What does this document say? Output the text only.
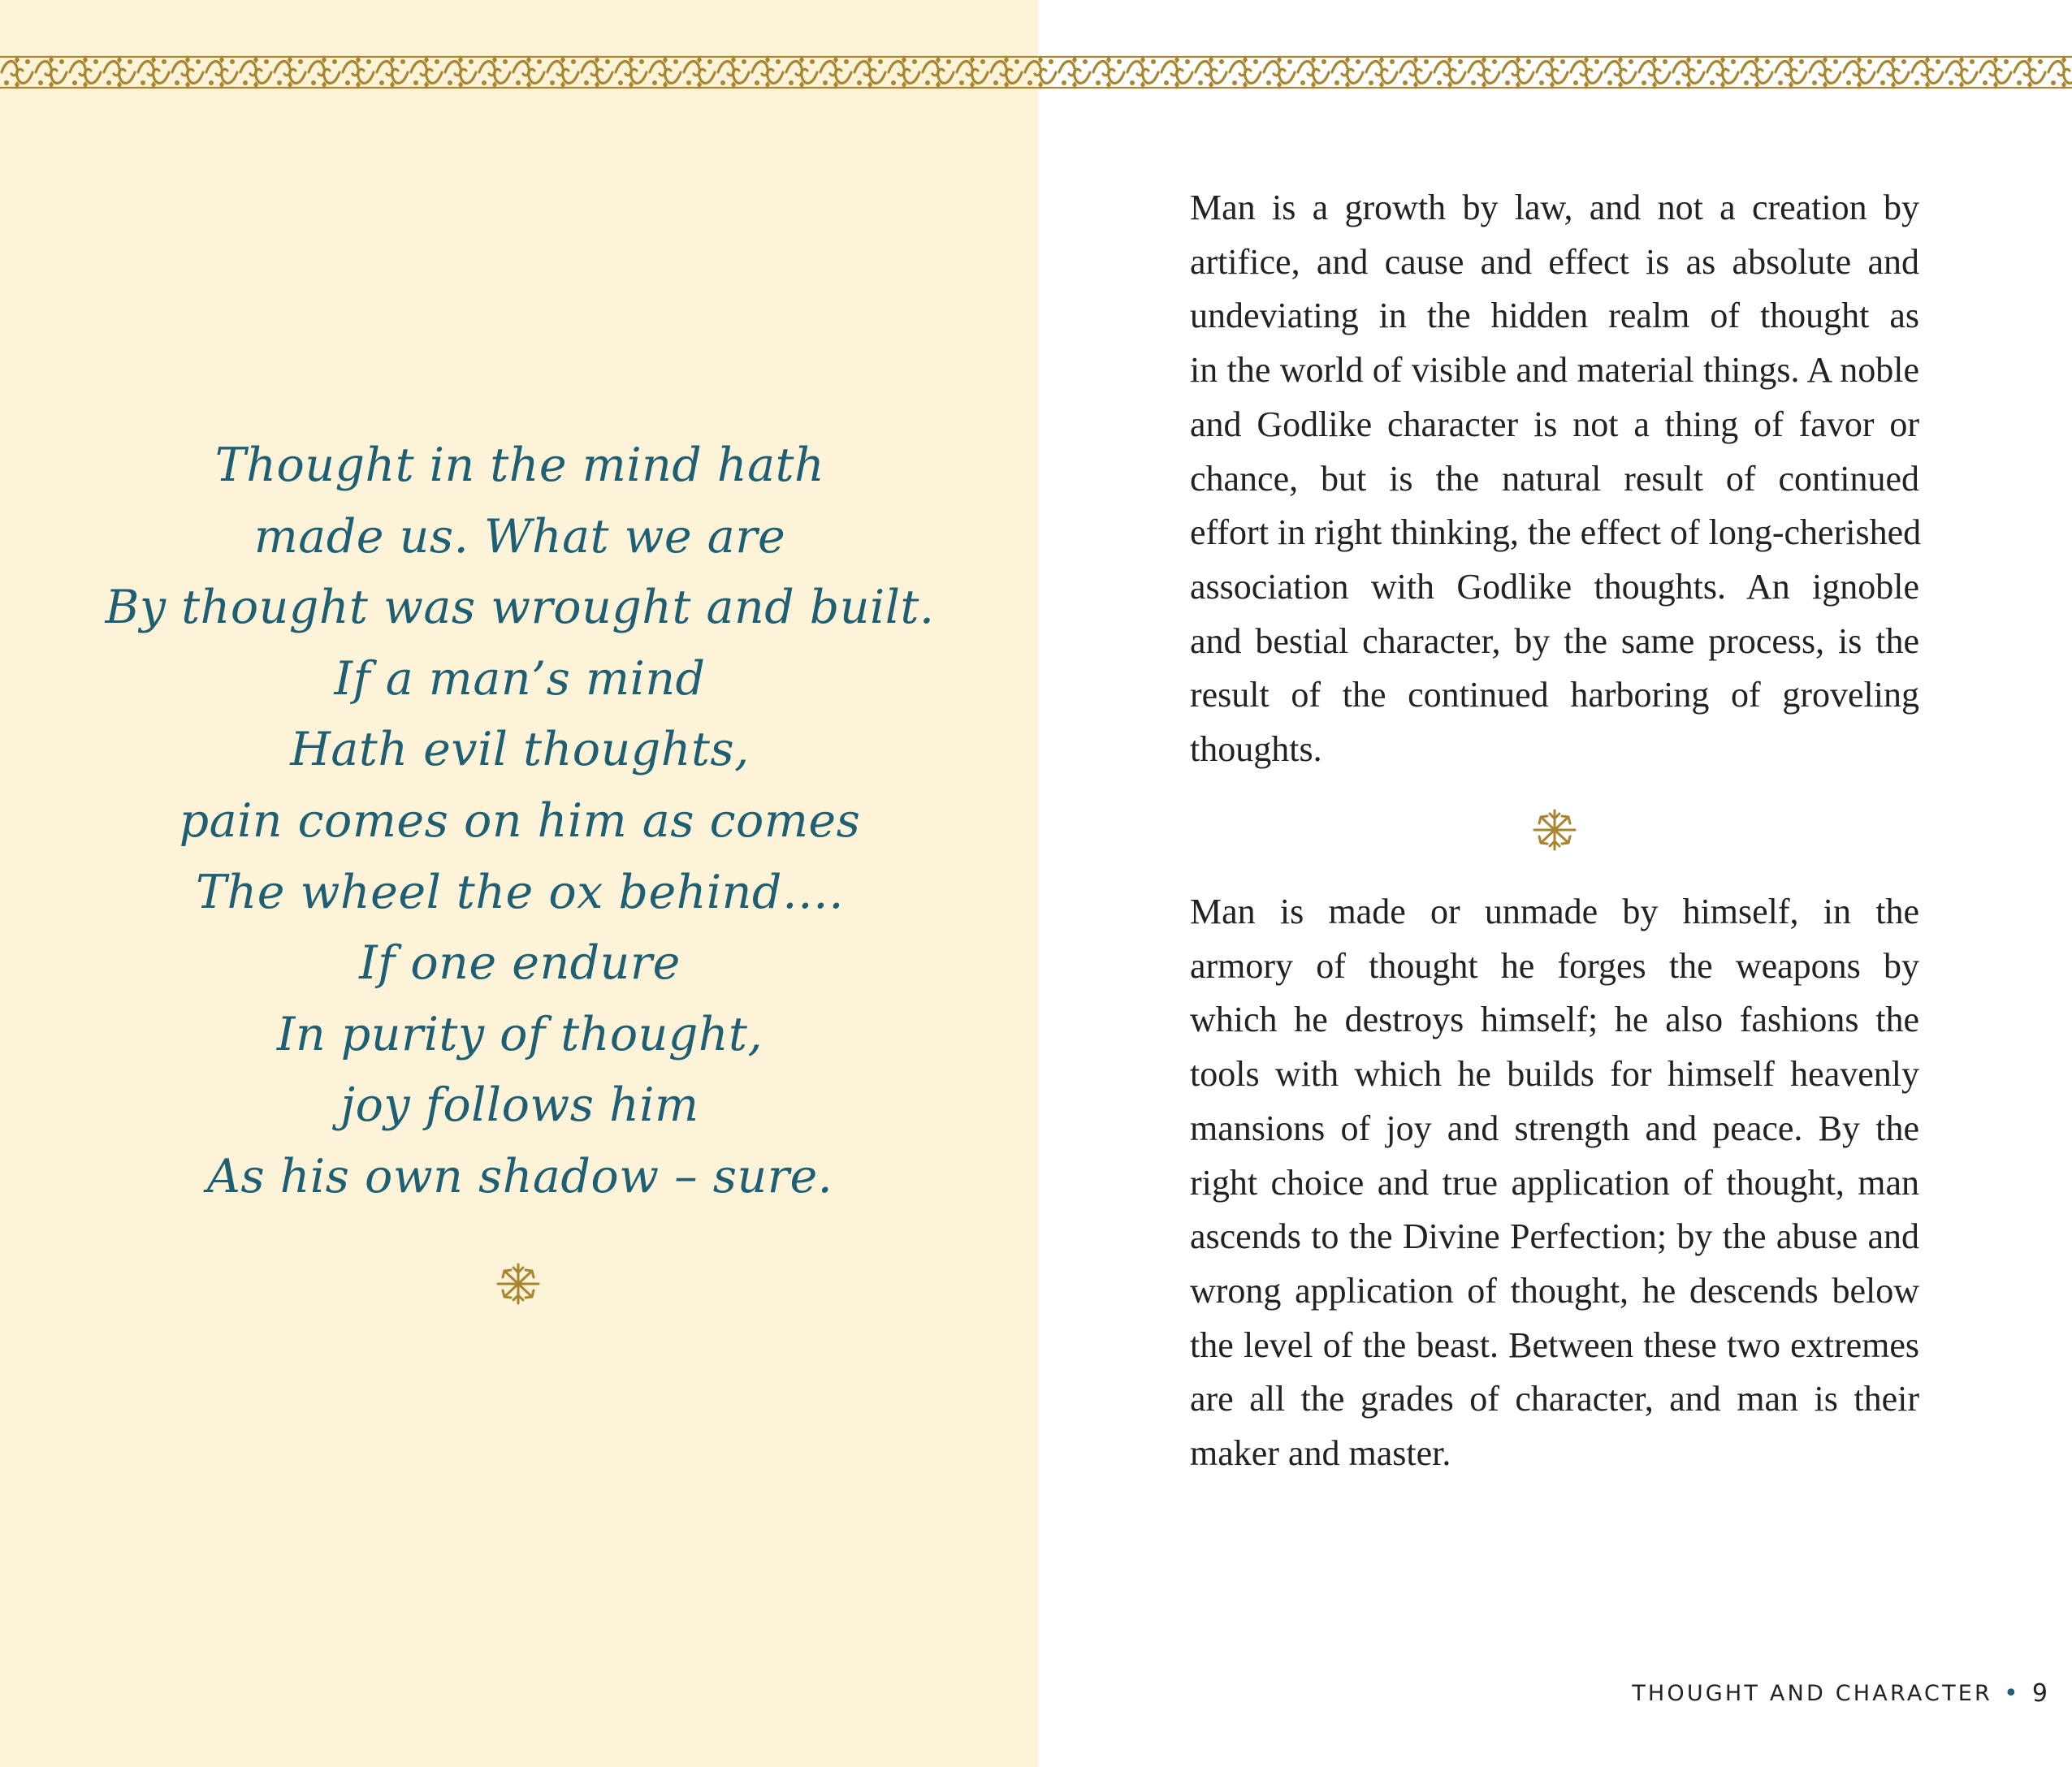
Thought in the mind hath
made us. What we are
By thought was wrought and built.
If a man’s mind
Hath evil thoughts,
pain comes on him as comes
The wheel the ox behind….
If one endure
In purity of thought,
joy follows him
As his own shadow – sure.
Man is a growth by law, and not a creation by
artifice, and cause and effect is as absolute and
undeviating in the hidden realm of thought as
in the world of visible and material things. A noble
and Godlike character is not a thing of favor or
chance, but is the natural result of continued
effort in right thinking, the effect of long-cherished
association with Godlike thoughts. An ignoble
and bestial character, by the same process, is the
result of the continued harboring of groveling
thoughts.
Man is made or unmade by himself, in the
armory of thought he forges the weapons by
which he destroys himself; he also fashions the
tools with which he builds for himself heavenly
mansions of joy and strength and peace. By the
right choice and true application of thought, man
ascends to the Divine Perfection; by the abuse and
wrong application of thought, he descends below
the level of the beast. Between these two extremes
are all the grades of character, and man is their
maker and master.
THOUGHT AND CHARACTER • 9
